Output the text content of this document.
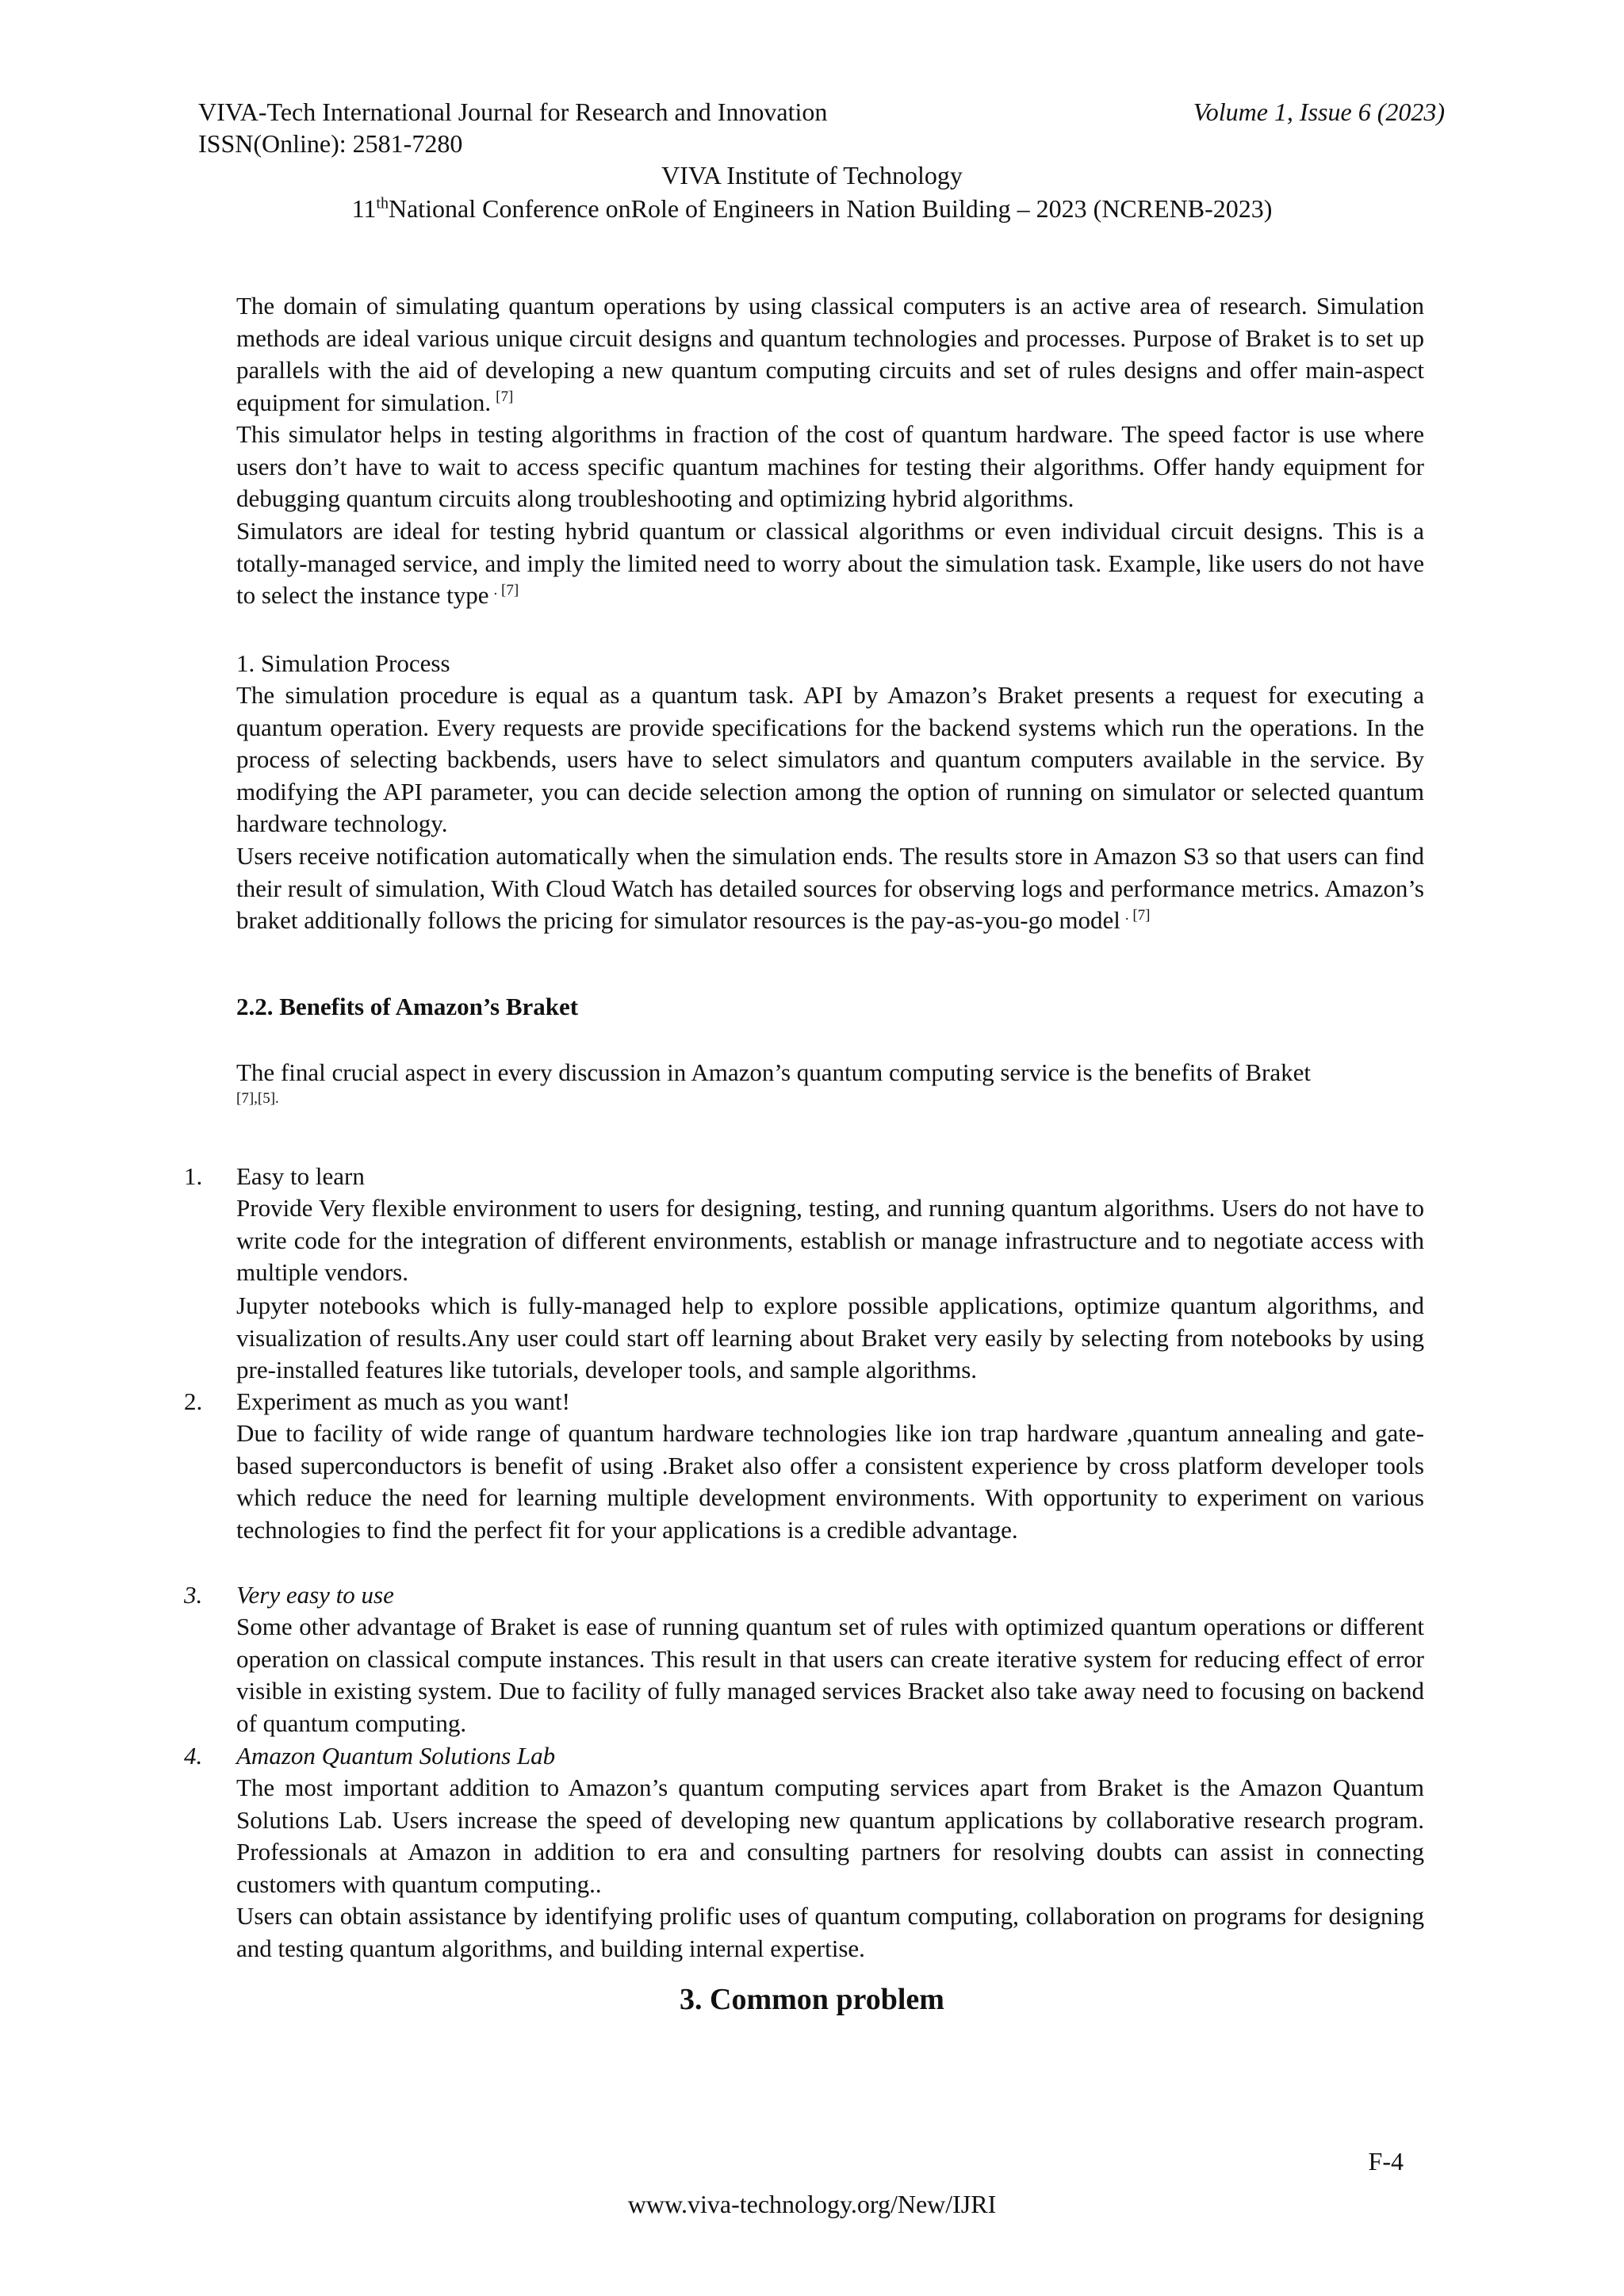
VIVA-Tech International Journal for Research and Innovation	Volume 1, Issue 6 (2023)
ISSN(Online): 2581-7280
VIVA Institute of Technology
11thNational Conference onRole of Engineers in Nation Building – 2023 (NCRENB-2023)
The domain of simulating quantum operations by using classical computers is an active area of research. Simulation methods are ideal various unique circuit designs and quantum technologies and processes. Purpose of Braket is to set up parallels with the aid of developing a new quantum computing circuits and set of rules designs and offer main-aspect equipment for simulation. [7]
This simulator helps in testing algorithms in fraction of the cost of quantum hardware. The speed factor is use where users don’t have to wait to access specific quantum machines for testing their algorithms. Offer handy equipment for debugging quantum circuits along troubleshooting and optimizing hybrid algorithms.
Simulators are ideal for testing hybrid quantum or classical algorithms or even individual circuit designs. This is a totally-managed service, and imply the limited need to worry about the simulation task. Example, like users do not have to select the instance type $^{. [7]}$
1. Simulation Process
The simulation procedure is equal as a quantum task. API by Amazon’s Braket presents a request for executing a quantum operation. Every requests are provide specifications for the backend systems which run the operations. In the process of selecting backbends, users have to select simulators and quantum computers available in the service. By modifying the API parameter, you can decide selection among the option of running on simulator or selected quantum hardware technology.
Users receive notification automatically when the simulation ends. The results store in Amazon S3 so that users can find their result of simulation, With Cloud Watch has detailed sources for observing logs and performance metrics. Amazon’s braket additionally follows the pricing for simulator resources is the pay-as-you-go model $^{. [7]}$
2.2. Benefits of Amazon’s Braket
The final crucial aspect in every discussion in Amazon’s quantum computing service is the benefits of Braket
[7],[5].
1. Easy to learn
Provide Very flexible environment to users for designing, testing, and running quantum algorithms. Users do not have to write code for the integration of different environments, establish or manage infrastructure and to negotiate access with multiple vendors.
Jupyter notebooks which is fully-managed help to explore possible applications, optimize quantum algorithms, and visualization of results.Any user could start off learning about Braket very easily by selecting from notebooks by using pre-installed features like tutorials, developer tools, and sample algorithms.
2. Experiment as much as you want!
Due to facility of wide range of quantum hardware technologies like ion trap hardware ,quantum annealing and gate-based superconductors is benefit of using .Braket also offer a consistent experience by cross platform developer tools which reduce the need for learning multiple development environments. With opportunity to experiment on various technologies to find the perfect fit for your applications is a credible advantage.
3. Very easy to use
Some other advantage of Braket is ease of running quantum set of rules with optimized quantum operations or different operation on classical compute instances. This result in that users can create iterative system for reducing effect of error visible in existing system. Due to facility of fully managed services Bracket also take away need to focusing on backend of quantum computing.
4. Amazon Quantum Solutions Lab
The most important addition to Amazon’s quantum computing services apart from Braket is the Amazon Quantum Solutions Lab. Users increase the speed of developing new quantum applications by collaborative research program. Professionals at Amazon in addition to era and consulting partners for resolving doubts can assist in connecting customers with quantum computing..
Users can obtain assistance by identifying prolific uses of quantum computing, collaboration on programs for designing and testing quantum algorithms, and building internal expertise.
3. Common problem
F-4
www.viva-technology.org/New/IJRI
